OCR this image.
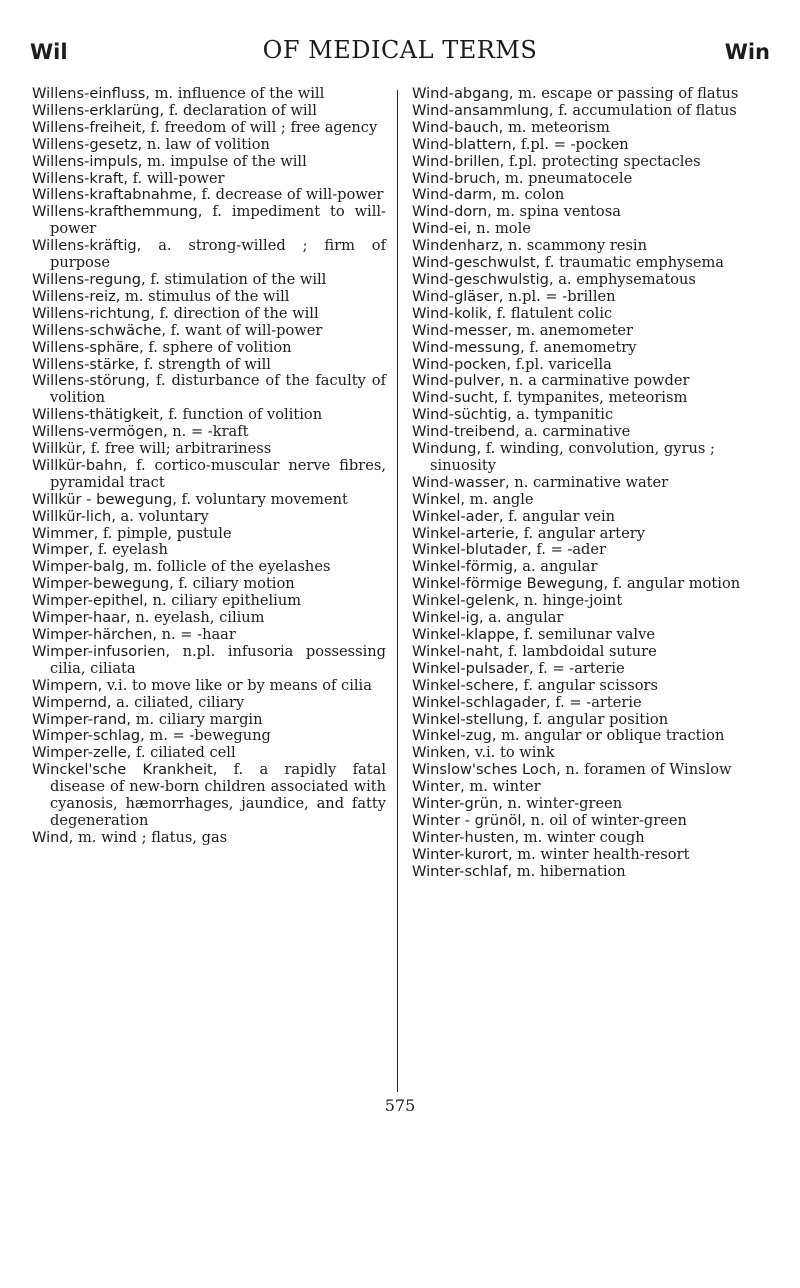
Wil	OF MEDICAL TERMS	Win

Willens-einfluss, m. influence of the will

Willens-erklarüng, f. declaration of will

Willens-freiheit, f. freedom of will ; free agency

Willens-gesetz, n. law of volition

Willens-impuls, m. impulse of the will

Willens-kraft, f. will-power

Willens-kraftabnahme, f. decrease of will-power

Willens-krafthemmung, f. impediment to will-power

Willens-kräftig, a. strong-willed ; firm of purpose

Willens-regung, f. stimulation of the will

Willens-reiz, m. stimulus of the will

Willens-richtung, f. direction of the will

Willens-schwäche, f. want of will-power

Willens-sphäre, f. sphere of volition

Willens-stärke, f. strength of will

Willens-störung, f. disturbance of the faculty of volition

Willens-thätigkeit, f. function of volition

Willens-vermögen, n. = -kraft

Willkür, f. free will; arbitrariness

Willkür-bahn, f. cortico-muscular nerve fibres, pyramidal tract

Willkür - bewegung, f. voluntary movement

Willkür-lich, a. voluntary

Wimmer, f. pimple, pustule

Wimper, f. eyelash

Wimper-balg, m. follicle of the eyelashes

Wimper-bewegung, f. ciliary motion

Wimper-epithel, n. ciliary epithelium

Wimper-haar, n. eyelash, cilium

Wimper-härchen, n. = -haar

Wimper-infusorien, n.pl. infusoria possessing cilia, ciliata

Wimpern, v.i. to move like or by means of cilia

Wimpernd, a. ciliated, ciliary

Wimper-rand, m. ciliary margin

Wimper-schlag, m. = -bewegung

Wimper-zelle, f. ciliated cell

Winckel'sche Krankheit, f. a rapidly fatal disease of new-born children associated with cyanosis, hæmorrhages, jaundice, and fatty degeneration

Wind, m. wind ; flatus, gas

Wind-abgang, m. escape or passing of flatus

Wind-ansammlung, f. accumulation of flatus

Wind-bauch, m. meteorism

Wind-blattern, f.pl. = -pocken

Wind-brillen, f.pl. protecting spectacles

Wind-bruch, m. pneumatocele

Wind-darm, m. colon

Wind-dorn, m. spina ventosa

Wind-ei, n. mole

Windenharz, n. scammony resin

Wind-geschwulst, f. traumatic emphysema

Wind-geschwulstig, a. emphysematous

Wind-gläser, n.pl. = -brillen

Wind-kolik, f. flatulent colic

Wind-messer, m. anemometer

Wind-messung, f. anemometry

Wind-pocken, f.pl. varicella

Wind-pulver, n. a carminative powder

Wind-sucht, f. tympanites, meteorism

Wind-süchtig, a. tympanitic

Wind-treibend, a. carminative

Windung, f. winding, convolution, gyrus ; sinuosity

Wind-wasser, n. carminative water

Winkel, m. angle

Winkel-ader, f. angular vein

Winkel-arterie, f. angular artery

Winkel-blutader, f. = -ader

Winkel-förmig, a. angular

Winkel-förmige Bewegung, f. angular motion

Winkel-gelenk, n. hinge-joint

Winkel-ig, a. angular

Winkel-klappe, f. semilunar valve

Winkel-naht, f. lambdoidal suture

Winkel-pulsader, f. = -arterie

Winkel-schere, f. angular scissors

Winkel-schlagader, f. = -arterie

Winkel-stellung, f. angular position

Winkel-zug, m. angular or oblique traction

Winken, v.i. to wink

Winslow'sches Loch, n. foramen of Winslow

Winter, m. winter

Winter-grün, n. winter-green

Winter - grünöl, n. oil of winter-green

Winter-husten, m. winter cough

Winter-kurort, m. winter health-resort

Winter-schlaf, m. hibernation

575
